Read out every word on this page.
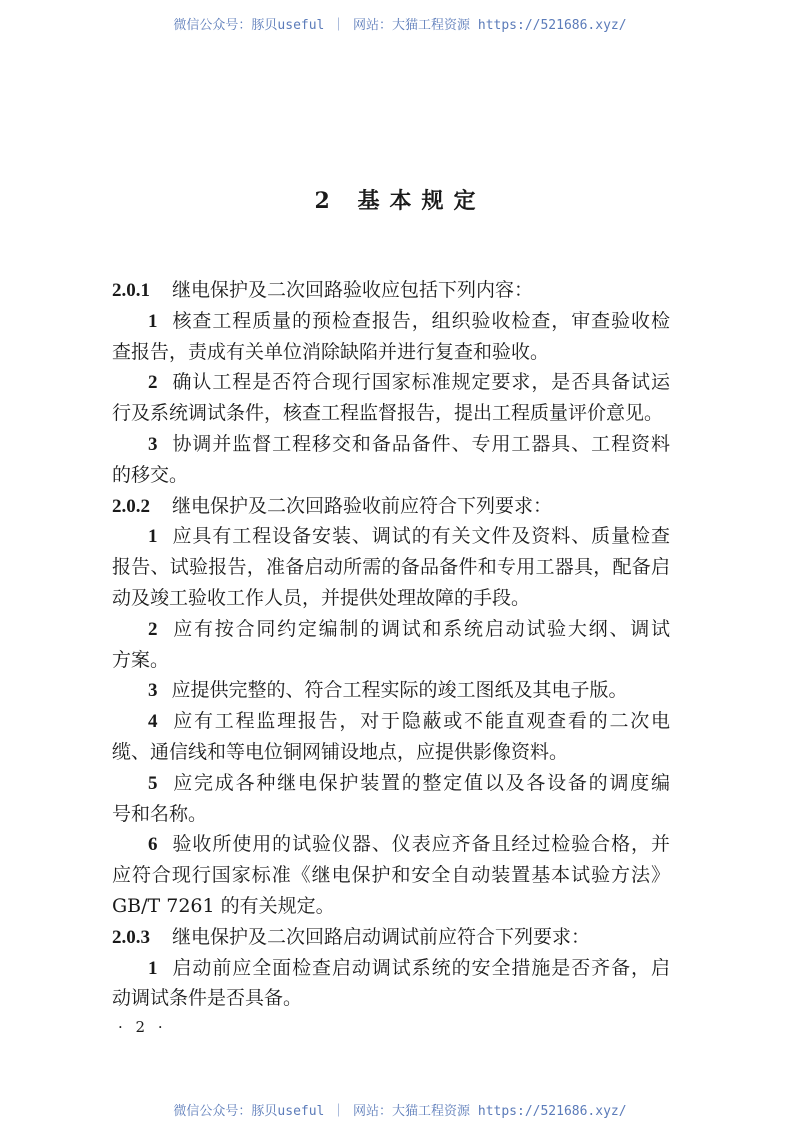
微信公众号：豚贝useful ｜ 网站：大猫工程资源 https://521686.xyz/
2 基本规定
2.0.1 继电保护及二次回路验收应包括下列内容：
1 核​查​工​程​质​量​的​预​检​查​报​告​，​组​织​验​收​检​查​，​审​查​验​收​检
查报告，责成有关单位消除缺陷并进行复查和验收。
2 确​认​工​程​是​否​符​合​现​行​国​家​标​准​规​定​要​求​，​是​否​具​备​试​运
行及系统调试条件，核查工程监督报告，提出工程质量评价意见。
3 协​调​并​监​督​工​程​移​交​和​备​品​备​件​、​专​用​工​器​具​、​工​程​资​料
的移交。
2.0.2 继电保护及二次回路验收前应符合下列要求：
1 应​具​有​工​程​设​备​安​装​、​调​试​的​有​关​文​件​及​资​料​、​质​量​检​查
报​告​、​试​验​报​告​，​准​备​启​动​所​需​的​备​品​备​件​和​专​用​工​器​具​，​配​备​启
动及竣工验收工作人员，并提供处理故障的手段。
2 应​有​按​合​同​约​定​编​制​的​调​试​和​系​统​启​动​试​验​大​纲​、​调​试
方案。
3 应提供完整的、符合工程实际的竣工图纸及其电子版。
4 应​有​工​程​监​理​报​告​，​对​于​隐​蔽​或​不​能​直​观​查​看​的​二​次​电
缆、通信线和等电位铜网铺设地点，应提供影像资料。
5 应​完​成​各​种​继​电​保​护​装​置​的​整​定​值​以​及​各​设​备​的​调​度​编
号和名称。
6 验​收​所​使​用​的​试​验​仪​器​、​仪​表​应​齐​备​且​经​过​检​验​合​格​，​并
应​符​合​现​行​国​家​标​准​《​继​电​保​护​和​安​全​自​动​装​置​基​本​试​验​方​法​》
GB/T 7261 的有关规定。
2.0.3 继电保护及二次回路启动调试前应符合下列要求：
1 启​动​前​应​全​面​检​查​启​动​调​试​系​统​的​安​全​措​施​是​否​齐​备​，​启
动调试条件是否具备。
· 2 ·
微信公众号：豚贝useful ｜ 网站：大猫工程资源 https://521686.xyz/
